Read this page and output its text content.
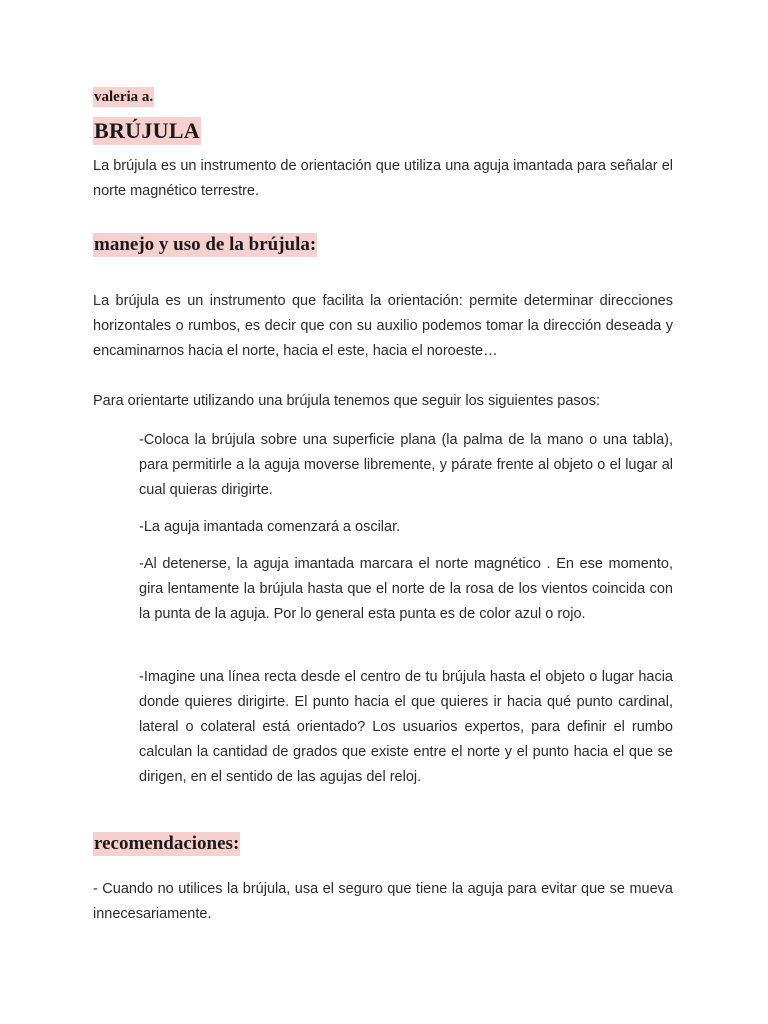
valeria a.
BRÚJULA

La brújula es un instrumento de orientación que utiliza una aguja imantada para señalar el norte magnético terrestre.

manejo y uso de la brújula:

La brújula es un instrumento que facilita la orientación: permite determinar direcciones horizontales o rumbos, es decir que con su auxilio podemos tomar la dirección deseada y encaminarnos hacia el norte, hacia el este, hacia el noroeste…

Para orientarte utilizando una brújula tenemos que seguir los siguientes pasos:

-Coloca la brújula sobre una superficie plana (la palma de la mano o una tabla), para permitirle a la aguja moverse libremente, y párate frente al objeto o el lugar al cual quieras dirigirte.

-La aguja imantada comenzará a oscilar.

-Al detenerse, la aguja imantada marcara el norte magnético . En ese momento, gira lentamente la brújula hasta que el norte de la rosa de los vientos coincida con la punta de la aguja. Por lo general esta punta es de color azul o rojo.

-Imagine una línea recta desde el centro de tu brújula hasta el objeto o lugar hacia donde quieres dirigirte. El punto hacia el que quieres ir hacia qué punto cardinal, lateral o colateral está orientado? Los usuarios expertos, para definir el rumbo calculan la cantidad de grados que existe entre el norte y el punto hacia el que se dirigen, en el sentido de las agujas del reloj.

recomendaciones:

- Cuando no utilices la brújula, usa el seguro que tiene la aguja para evitar que se mueva innecesariamente.
